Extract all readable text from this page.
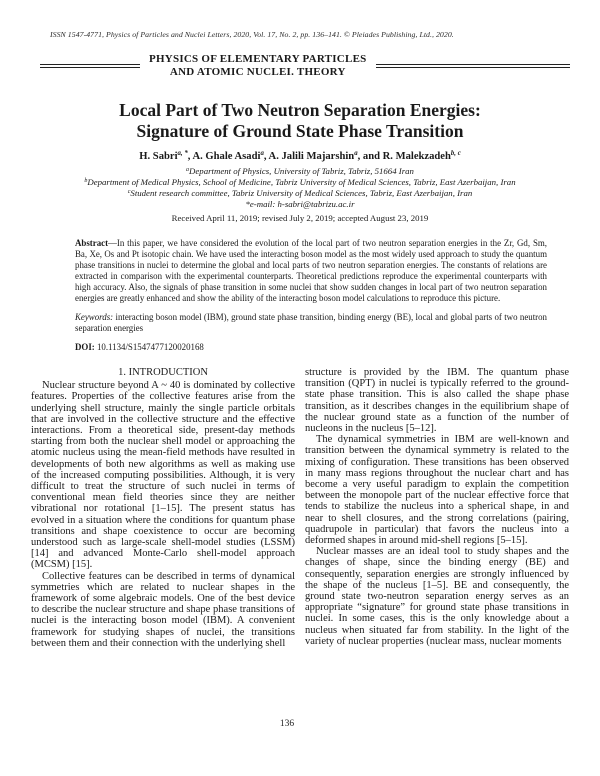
ISSN 1547-4771, Physics of Particles and Nuclei Letters, 2020, Vol. 17, No. 2, pp. 136–141. © Pleiades Publishing, Ltd., 2020.
PHYSICS OF ELEMENTARY PARTICLES
AND ATOMIC NUCLEI. THEORY
Local Part of Two Neutron Separation Energies:
Signature of Ground State Phase Transition
H. Sabri$^{a, *}$, A. Ghale Asadi$^a$, A. Jalili Majarshin$^a$, and R. Malekzadeh$^{b, c}$
$^a$Department of Physics, University of Tabriz, Tabriz, 51664 Iran
$^b$Department of Medical Physics, School of Medicine, Tabriz University of Medical Sciences, Tabriz, East Azerbaijan, Iran
$^c$Student research committee, Tabriz University of Medical Sciences, Tabriz, East Azerbaijan, Iran
*e-mail: h-sabri@tabrizu.ac.ir
Received April 11, 2019; revised July 2, 2019; accepted August 23, 2019
Abstract—In this paper, we have considered the evolution of the local part of two neutron separation energies in the Zr, Gd, Sm, Ba, Xe, Os and Pt isotopic chain. We have used the interacting boson model as the most widely used approach to study the quantum phase transitions in nuclei to determine the global and local parts of two neutron separation energies. The constants of relations are extracted in comparison with the experimental counterparts. Theoretical predictions reproduce the experimental counterparts with high accuracy. Also, the signals of phase transition in some nuclei that show sudden changes in local part of two neutron separation energies are greatly enhanced and show the ability of the interacting boson model calculations to reproduce this picture.
Keywords: interacting boson model (IBM), ground state phase transition, binding energy (BE), local and global parts of two neutron separation energies
DOI: 10.1134/S1547477120020168
1. INTRODUCTION

Nuclear structure beyond A ~ 40 is dominated by collective features. Properties of the collective features arise from the underlying shell structure, mainly the single particle orbitals that are involved in the collective structure and the effective interactions. From a theoretical side, present-day methods starting from both the nuclear shell model or approaching the atomic nucleus using the mean-field methods have resulted in developments of both new algorithms as well as making use of the increased computing possibilities. Although, it is very difficult to treat the structure of such nuclei in terms of conventional mean field theories since they are neither vibrational nor rotational [1–15]. The present status has evolved in a situation where the conditions for quantum phase transitions and shape coexistence to occur are becoming understood such as large-scale shell-model studies (LSSM) [14] and advanced Monte-Carlo shell-model approach (MCSM) [15].

Collective features can be described in terms of dynamical symmetries which are related to nuclear shapes in the framework of some algebraic models. One of the best device to describe the nuclear structure and shape phase transitions of nuclei is the interacting boson model (IBM). A convenient framework for studying shapes of nuclei, the transitions between them and their connection with the underlying shell

structure is provided by the IBM. The quantum phase transition (QPT) in nuclei is typically referred to the ground-state phase transition. This is also called the shape phase transition, as it describes changes in the equilibrium shape of the nuclear ground state as a function of the number of nucleons in the nucleus [5–12].

The dynamical symmetries in IBM are well-known and transition between the dynamical symmetry is related to the mixing of configuration. These transitions has been observed in many mass regions throughout the nuclear chart and has become a very useful paradigm to explain the competition between the monopole part of the nuclear effective force that tends to stabilize the nucleus into a spherical shape, in and near to shell closures, and the strong correlations (pairing, quadrupole in particular) that favors the nucleus into a deformed shapes in around mid-shell regions [5–15].

Nuclear masses are an ideal tool to study shapes and the changes of shape, since the binding energy (BE) and consequently, separation energies are strongly influenced by the shape of the nucleus [1–5]. BE and consequently, the ground state two-neutron separation energy serves as an appropriate “signature” for ground state phase transitions in nuclei. In some cases, this is the only knowledge about a nucleus when situated far from stability. In the light of the variety of nuclear properties (nuclear mass, nuclear moments

136
